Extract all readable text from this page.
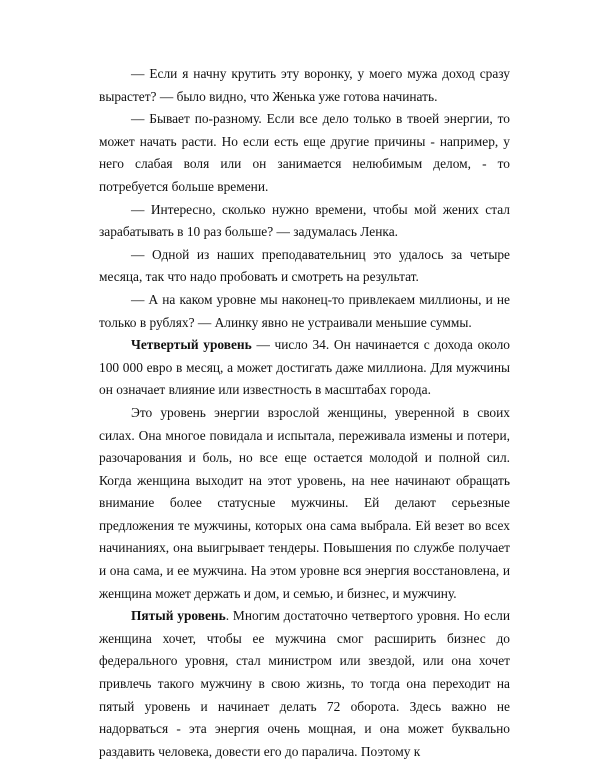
— Если я начну крутить эту воронку, у моего мужа доход сразу вырастет? — было видно, что Женька уже готова начинать.

— Бывает по-разному. Если все дело только в твоей энергии, то может начать расти. Но если есть еще другие причины - например, у него слабая воля или он занимается нелюбимым делом, - то потребуется больше времени.

— Интересно, сколько нужно времени, чтобы мой жених стал зарабатывать в 10 раз больше? — задумалась Ленка.

— Одной из наших преподавательниц это удалось за четыре месяца, так что надо пробовать и смотреть на результат.

— А на каком уровне мы наконец-то привлекаем миллионы, и не только в рублях? — Алинку явно не устраивали меньшие суммы.

Четвертый уровень — число 34. Он начинается с дохода около 100 000 евро в месяц, а может достигать даже миллиона. Для мужчины он означает влияние или известность в масштабах города.

Это уровень энергии взрослой женщины, уверенной в своих силах. Она многое повидала и испытала, переживала измены и потери, разочарования и боль, но все еще остается молодой и полной сил. Когда женщина выходит на этот уровень, на нее начинают обращать внимание более статусные мужчины. Ей делают серьезные предложения те мужчины, которых она сама выбрала. Ей везет во всех начинаниях, она выигрывает тендеры. Повышения по службе получает и она сама, и ее мужчина. На этом уровне вся энергия восстановлена, и женщина может держать и дом, и семью, и бизнес, и мужчину.

Пятый уровень. Многим достаточно четвертого уровня. Но если женщина хочет, чтобы ее мужчина смог расширить бизнес до федерального уровня, стал министром или звездой, или она хочет привлечь такого мужчину в свою жизнь, то тогда она переходит на пятый уровень и начинает делать 72 оборота. Здесь важно не надорваться - эта энергия очень мощная, и она может буквально раздавить человека, довести его до паралича. Поэтому к
